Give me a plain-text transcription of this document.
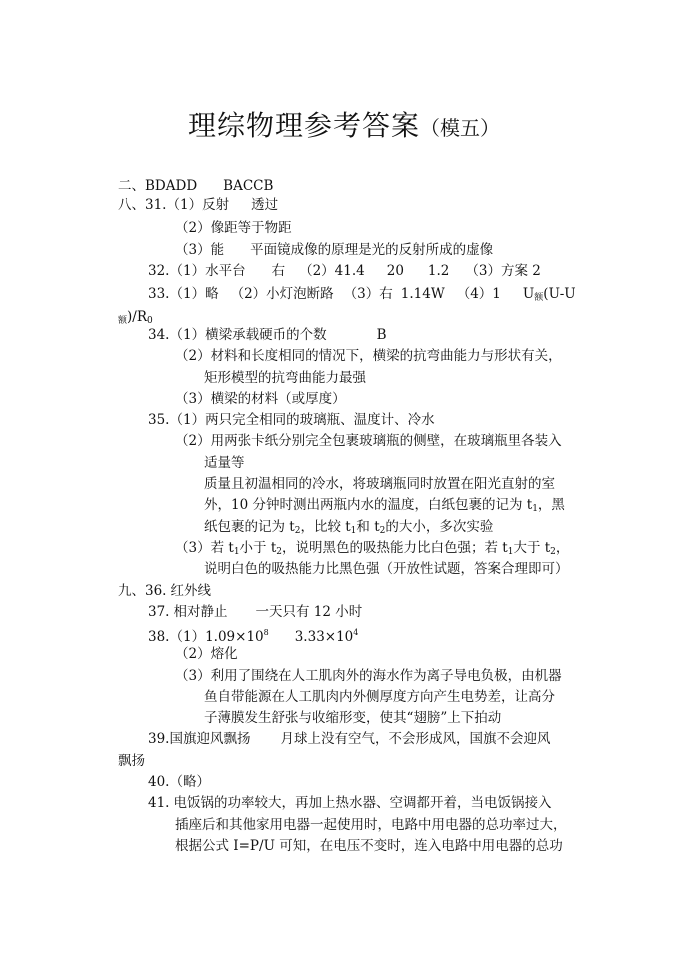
理综物理参考答案（模五）
二、BDADD BACCB
八、31.（1）反射 透过
（2）像距等于物距
（3）能 平面镜成像的原理是光的反射所成的虚像
32.（1）水平台 右 （2）41.4 20 1.2 （3）方案 2
33.（1）略 （2）小灯泡断路 （3）右 1.14W （4）1 U额(U-U
额)/R0
34.（1）横梁承载硬币的个数	B
（2）材料和长度相同的情况下，横梁的抗弯曲能力与形状有关，
矩形模型的抗弯曲能力最强
（3）横梁的材料（或厚度）
35.（1）两只完全相同的玻璃瓶、温度计、冷水
（2）用两张卡纸分别完全包裹玻璃瓶的侧壁，在玻璃瓶里各装入
适量等
质量且初温相同的冷水，将玻璃瓶同时放置在阳光直射的室
外，10 分钟时测出两瓶内水的温度，白纸包裹的记为 t1，黑
纸包裹的记为 t2，比较 t1和 t2的大小，多次实验
（3）若 t1小于 t2，说明黑色的吸热能力比白色强；若 t1大于 t2，
说明白色的吸热能力比黑色强（开放性试题，答案合理即可）
九、36. 红外线
37. 相对静止 一天只有 12 小时
$38.(1)1.09\times 10^8$ $3.33\times 10^4$
（2）熔化
（3）利用了围绕在人工肌肉外的海水作为离子导电负极，由机器
鱼自带能源在人工肌肉内外侧厚度方向产生电势差，让高分
子薄膜发生舒张与收缩形变，使其“翅膀”上下拍动
39.国旗迎风飘扬 月球上没有空气，不会形成风，国旗不会迎风
飘扬
40.（略）
41. 电饭锅的功率较大，再加上热水器、空调都开着，当电饭锅接入
插座后和其他家用电器一起使用时，电路中用电器的总功率过大，
根据公式 I=P/U 可知，在电压不变时，连入电路中用电器的总功
